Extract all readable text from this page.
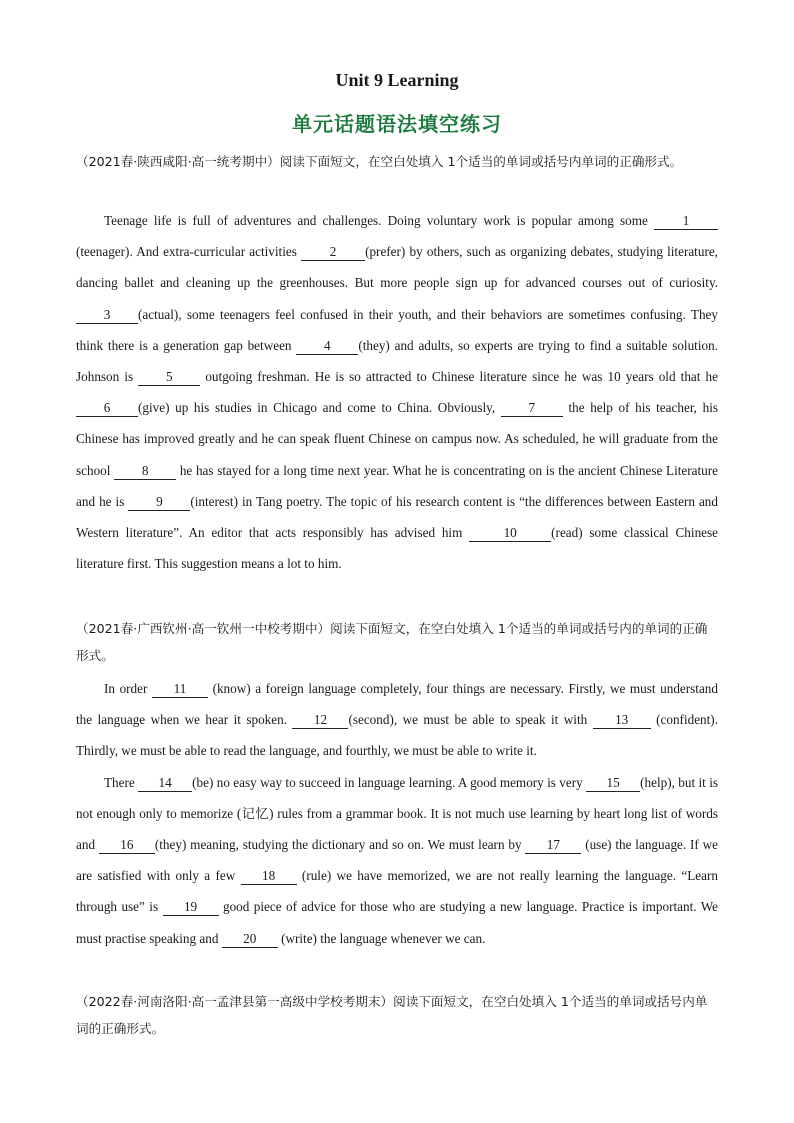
Unit 9 Learning
单元话题语法填空练习
（2021春·陕西咸阳·高一统考期中）阅读下面短文，在空白处填入 1个适当的单词或括号内单词的正确形式。

Teenage life is full of adventures and challenges. Doing voluntary work is popular among some 1(teenager). And extra-curricular activities 2 (prefer) by others, such as organizing debates, studying literature, dancing ballet and cleaning up the greenhouses. But more people sign up for advanced courses out of curiosity. 3 (actual), some teenagers feel confused in their youth, and their behaviors are sometimes confusing. They think there is a generation gap between 4 (they) and adults, so experts are trying to find a suitable solution. Johnson is 5 outgoing freshman. He is so attracted to Chinese literature since he was 10 years old that he 6 (give) up his studies in Chicago and come to China. Obviously, 7 the help of his teacher, his Chinese has improved greatly and he can speak fluent Chinese on campus now. As scheduled, he will graduate from the school 8 he has stayed for a long time next year. What he is concentrating on is the ancient Chinese Literature and he is 9 (interest) in Tang poetry. The topic of his research content is “the differences between Eastern and Western literature”. An editor that acts responsibly has advised him	10	(read) some classical Chinese literature first. This suggestion means a lot to him.

（2021春·广西钦州·高一钦州一中校考期中）阅读下面短文，在空白处填入 1个适当的单词或括号内的单词的正确形式。

In order 11 (know) a foreign language completely, four things are necessary. Firstly, we must understand the language when we hear it spoken. 12 (second), we must be able to speak it with 13 (confident). Thirdly, we must be able to read the language, and fourthly, we must be able to write it.

There 14 (be) no easy way to succeed in language learning. A good memory is very 15 (help), but it is not enough only to memorize (记忆) rules from a grammar book. It is not much use learning by heart long list of words and 16 (they) meaning, studying the dictionary and so on. We must learn by 17 (use) the language. If we are satisfied with only a few 18 (rule) we have memorized, we are not really learning the language. “Learn through use” is 19 good piece of advice for those who are studying a new language. Practice is important. We must practise speaking and 20 (write) the language whenever we can.

（2022春·河南洛阳·高一孟津县第一高级中学校考期末）阅读下面短文，在空白处填入 1个适当的单词或括号内单词的正确形式。
